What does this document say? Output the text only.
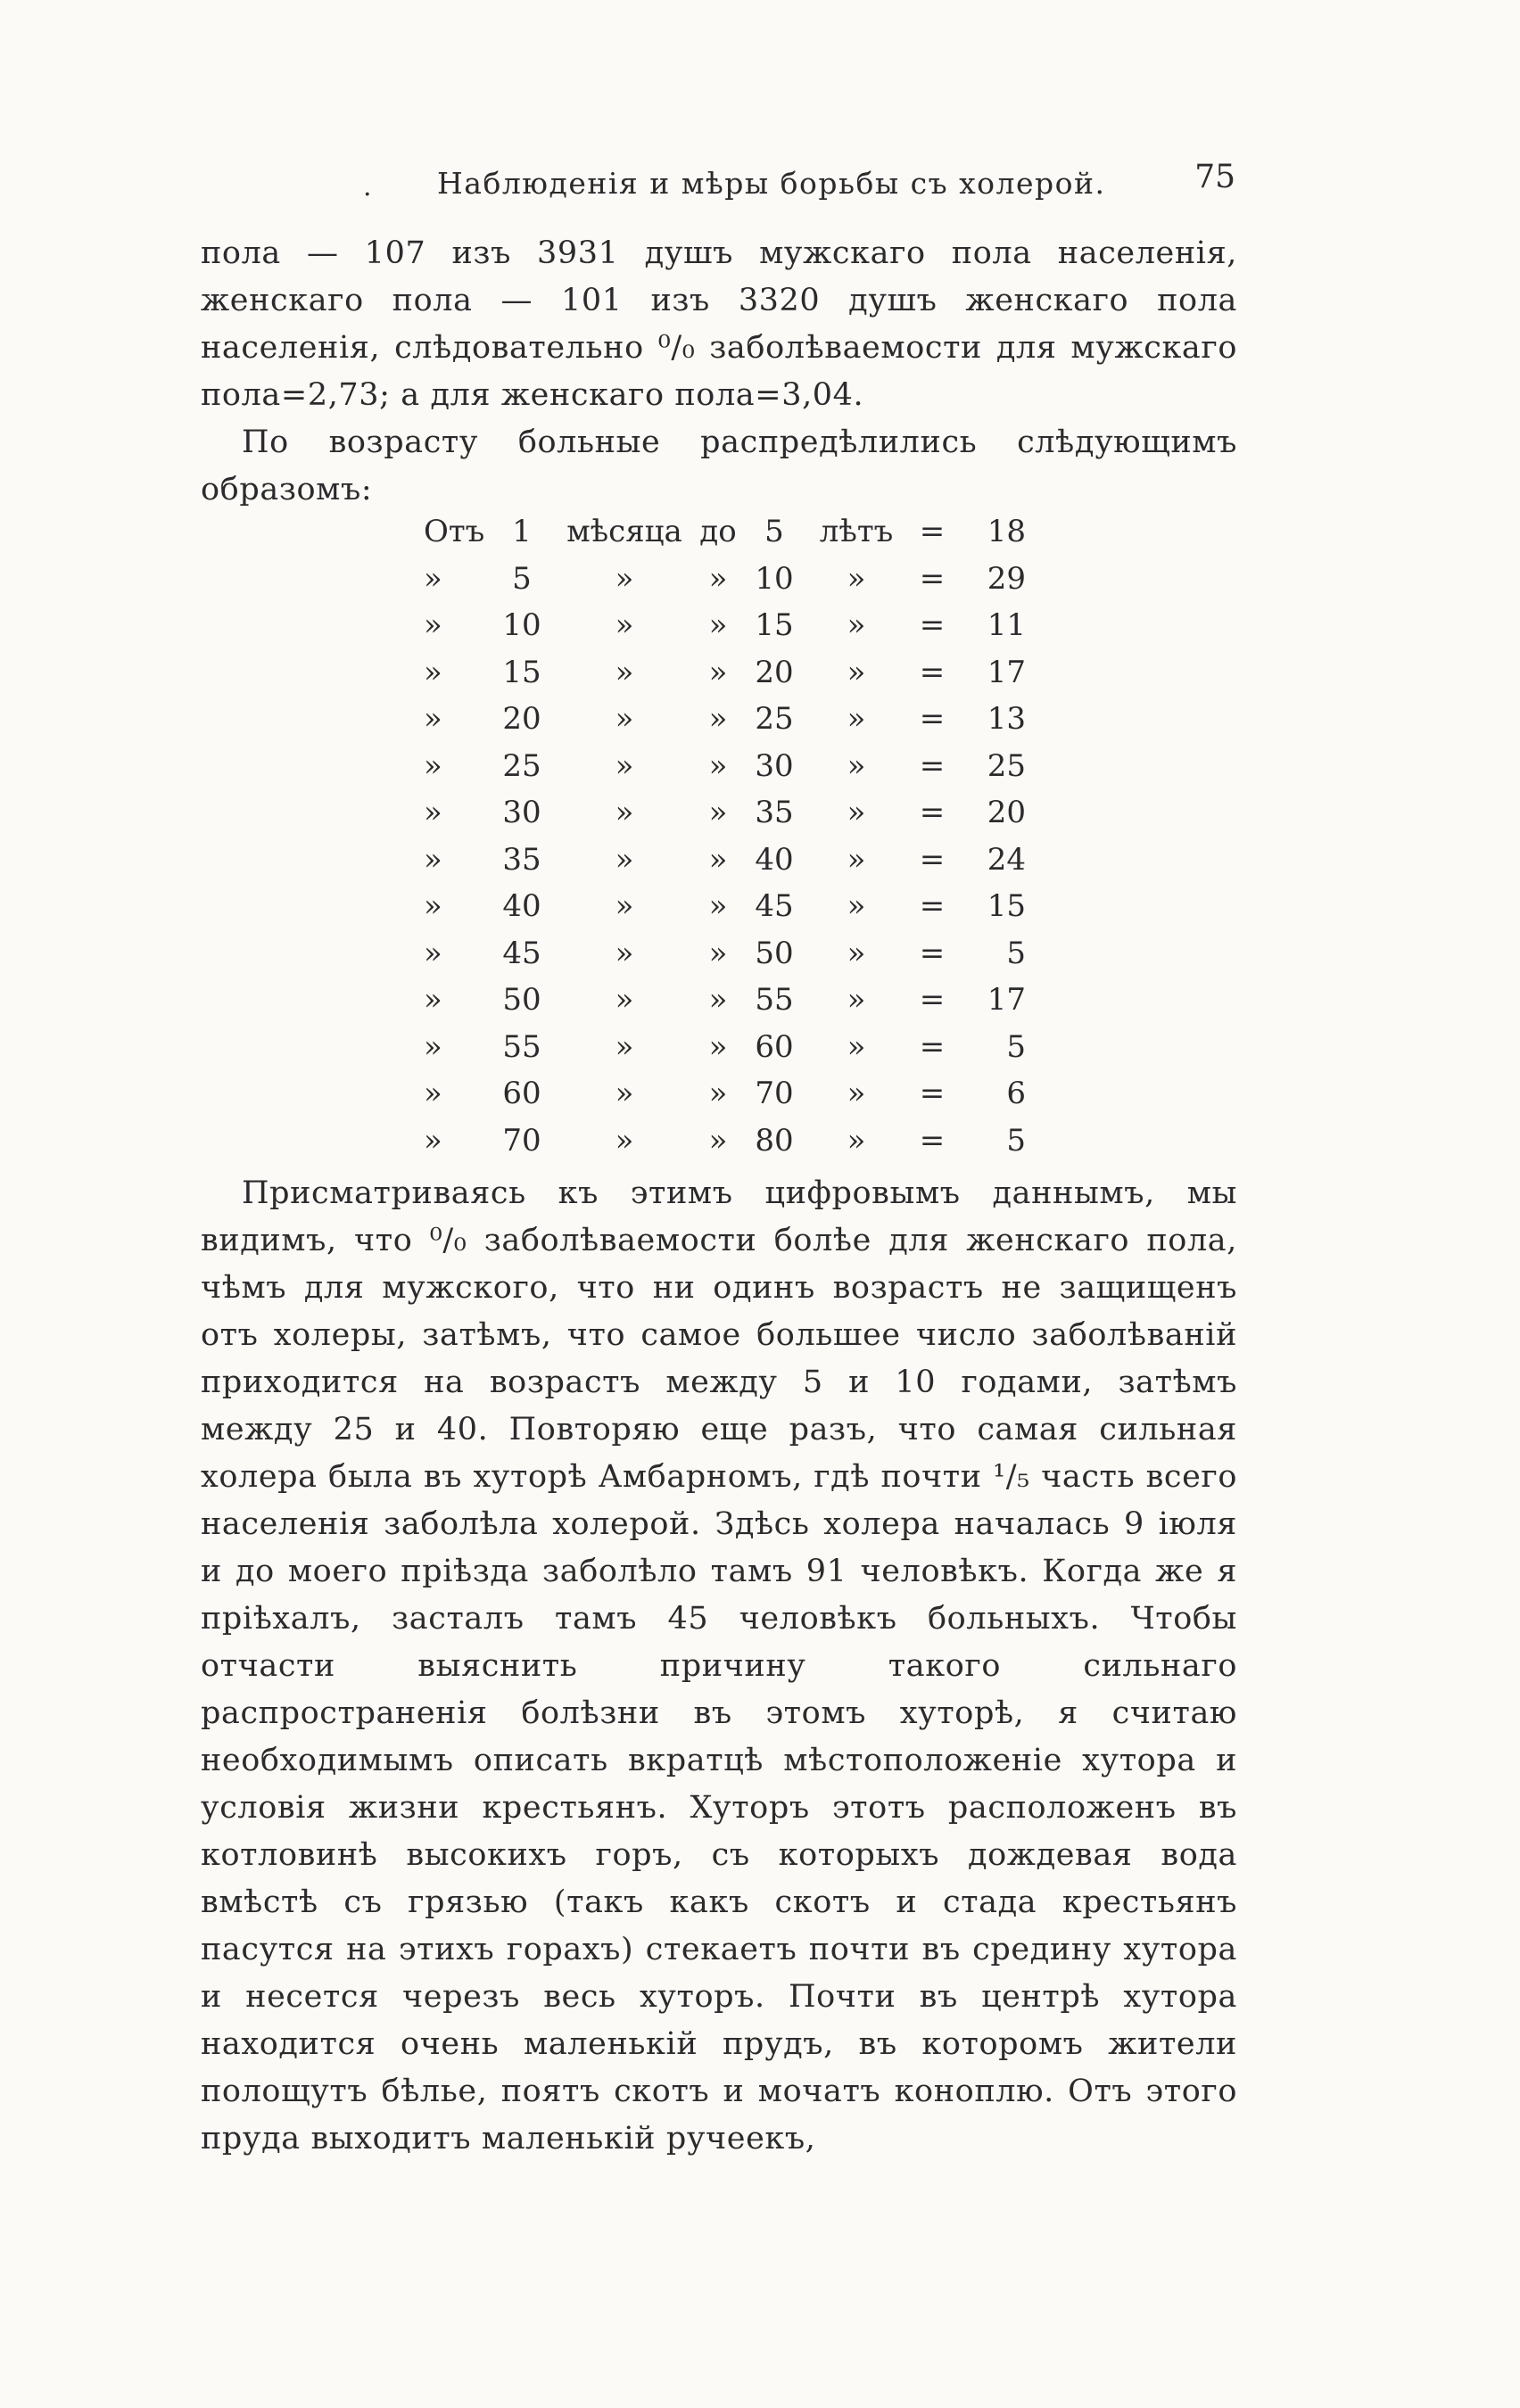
. Наблюденія и мѣры борьбы съ холерой.	75

пола — 107 изъ 3931 душъ мужскаго пола населенія, женскаго пола — 101 изъ 3320 душъ женскаго пола населенія, слѣдовательно ⁰/₀ заболѣваемости для мужскаго пола=2,73; а для женскаго пола=3,04.

По возрасту больные распредѣлились слѣдующимъ образомъ:

Отъ 1	мѣсяца до 5	лѣтъ =	18
»	5	»	» 10	»	=	29
»	10	»	» 15	»	=	11
»	15	»	» 20	»	=	17
»	20	»	» 25	»	=	13
»	25	»	» 30	»	=	25
»	30	»	» 35	»	=	20
»	35	»	» 40	»	=	24
»	40	»	» 45	»	=	15
»	45	»	» 50	»	=	5
»	50	»	» 55	»	=	17
»	55	»	» 60	»	=	5
»	60	»	» 70	»	=	6
»	70	»	» 80	»	=	5

Присматриваясь къ этимъ цифровымъ даннымъ, мы видимъ, что ⁰/₀ заболѣваемости болѣе для женскаго пола, чѣмъ для мужского, что ни одинъ возрастъ не защищенъ отъ холеры, затѣмъ, что самое большее число заболѣваній приходится на возрастъ между 5 и 10 годами, затѣмъ между 25 и 40. Повторяю еще разъ, что самая сильная холера была въ хуторѣ Амбарномъ, гдѣ почти ¹/₅ часть всего населенія заболѣла холерой. Здѣсь холера началась 9 іюля и до моего пріѣзда заболѣло тамъ 91 человѣкъ. Когда же я пріѣхалъ, засталъ тамъ 45 человѣкъ больныхъ. Чтобы отчасти выяснить причину такого сильнаго распространенія болѣзни въ этомъ хуторѣ, я считаю необходимымъ описать вкратцѣ мѣстоположеніе хутора и условія жизни крестьянъ. Хуторъ этотъ расположенъ въ котловинѣ высокихъ горъ, съ которыхъ дождевая вода вмѣстѣ съ грязью (такъ какъ скотъ и стада крестьянъ пасутся на этихъ горахъ) стекаетъ почти въ средину хутора и несется черезъ весь хуторъ. Почти въ центрѣ хутора находится очень маленькій прудъ, въ которомъ жители полощутъ бѣлье, поятъ скотъ и мочатъ коноплю. Отъ этого пруда выходитъ маленькій ручеекъ,
